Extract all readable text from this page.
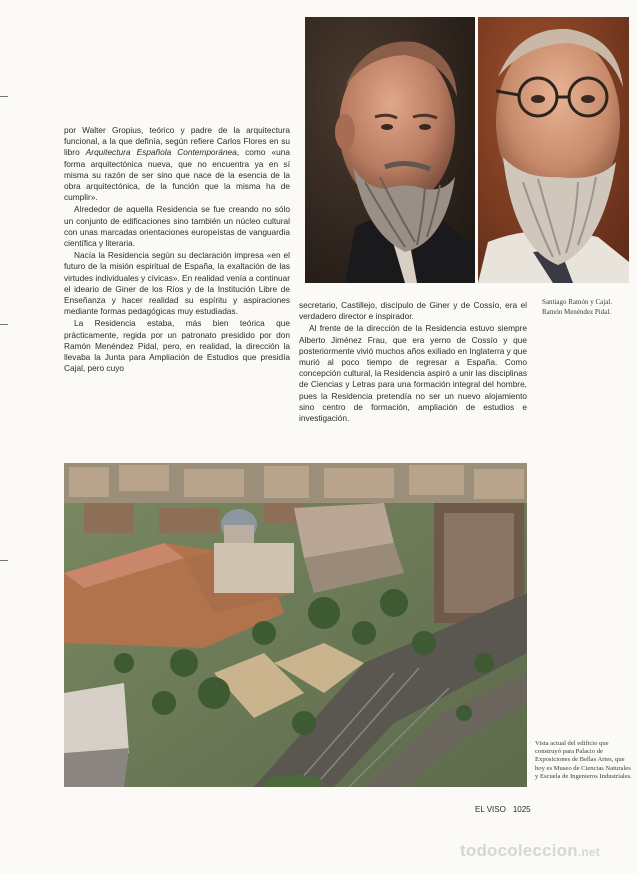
por Walter Gropius, teórico y padre de la arquitectura funcional, a la que definía, según refiere Carlos Flores en su libro Arquitectura Española Contemporánea, como «una forma arquitectónica nueva, que no encuentra ya en sí misma su razón de ser sino que nace de la esencia de la obra arquitectónica, de la función que la misma ha de cumplir».

Alrededor de aquella Residencia se fue creando no sólo un conjunto de edificaciones sino también un núcleo cultural con unas marcadas orientaciones europeístas de vanguardia científica y literaria.

Nacía la Residencia según su declaración impresa «en el futuro de la misión espiritual de España, la exaltación de las virtudes individuales y cívicas». En realidad venía a continuar el ideario de Giner de los Ríos y de la Institución Libre de Enseñanza y hacer realidad su espíritu y aspiraciones mediante formas pedagógicas muy estudiadas.

La Residencia estaba, más bien teórica que prácticamente, regida por un patronato presidido por don Ramón Menéndez Pidal, pero, en realidad, la dirección la llevaba la Junta para Ampliación de Estudios que presidía Cajal, pero cuyo

secretario, Castillejo, discípulo de Giner y de Cossío, era el verdadero director e inspirador.

Al frente de la dirección de la Residencia estuvo siempre Alberto Jiménez Frau, que era yerno de Cossío y que posteriormente vivió muchos años exiliado en Inglaterra y que murió al poco tiempo de regresar a España. Como concepción cultural, la Residencia aspiró a unir las disciplinas de Ciencias y Letras para una formación integral del hombre, pues la Residencia pretendía no ser un nuevo alojamiento sino centro de formación, ampliación de estudios e investigación.

Santiago Ramón y Cajal.
Ramón Menéndez Pidal.
Vista actual del edificio que construyó para Palacio de Exposiciones de Bellas Artes, que hoy es Museo de Ciencias Naturales y Escuela de Ingenieros Industriales.
EL VISO 1025
todocoleccion.net
